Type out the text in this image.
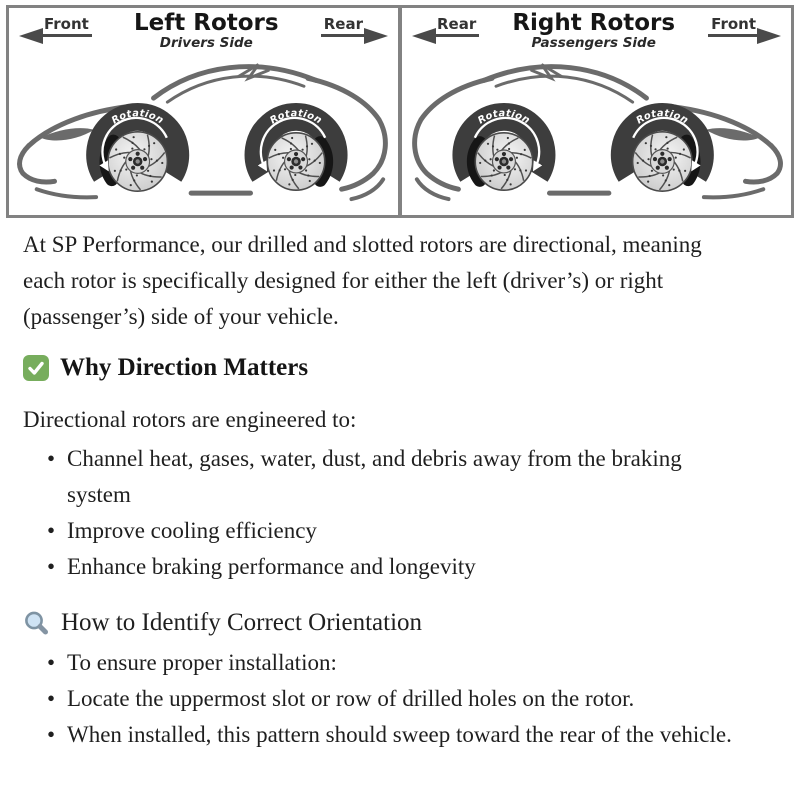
Front	Left Rotors
Drivers Side
Rear
Rotation	Rotation
Rear	Right Rotors
Passengers Side
Front
Rotation
Rotation

At SP Performance, our drilled and slotted rotors are directional, meaning each rotor is specifically designed for either the left (driver’s) or right (passenger’s) side of your vehicle.

Why Direction Matters

Directional rotors are engineered to:

• Channel heat, gases, water, dust, and debris away from the braking system
• Improve cooling efficiency
• Enhance braking performance and longevity
How to Identify Correct Orientation
• To ensure proper installation:
• Locate the uppermost slot or row of drilled holes on the rotor.
• When installed, this pattern should sweep toward the rear of the vehicle.
